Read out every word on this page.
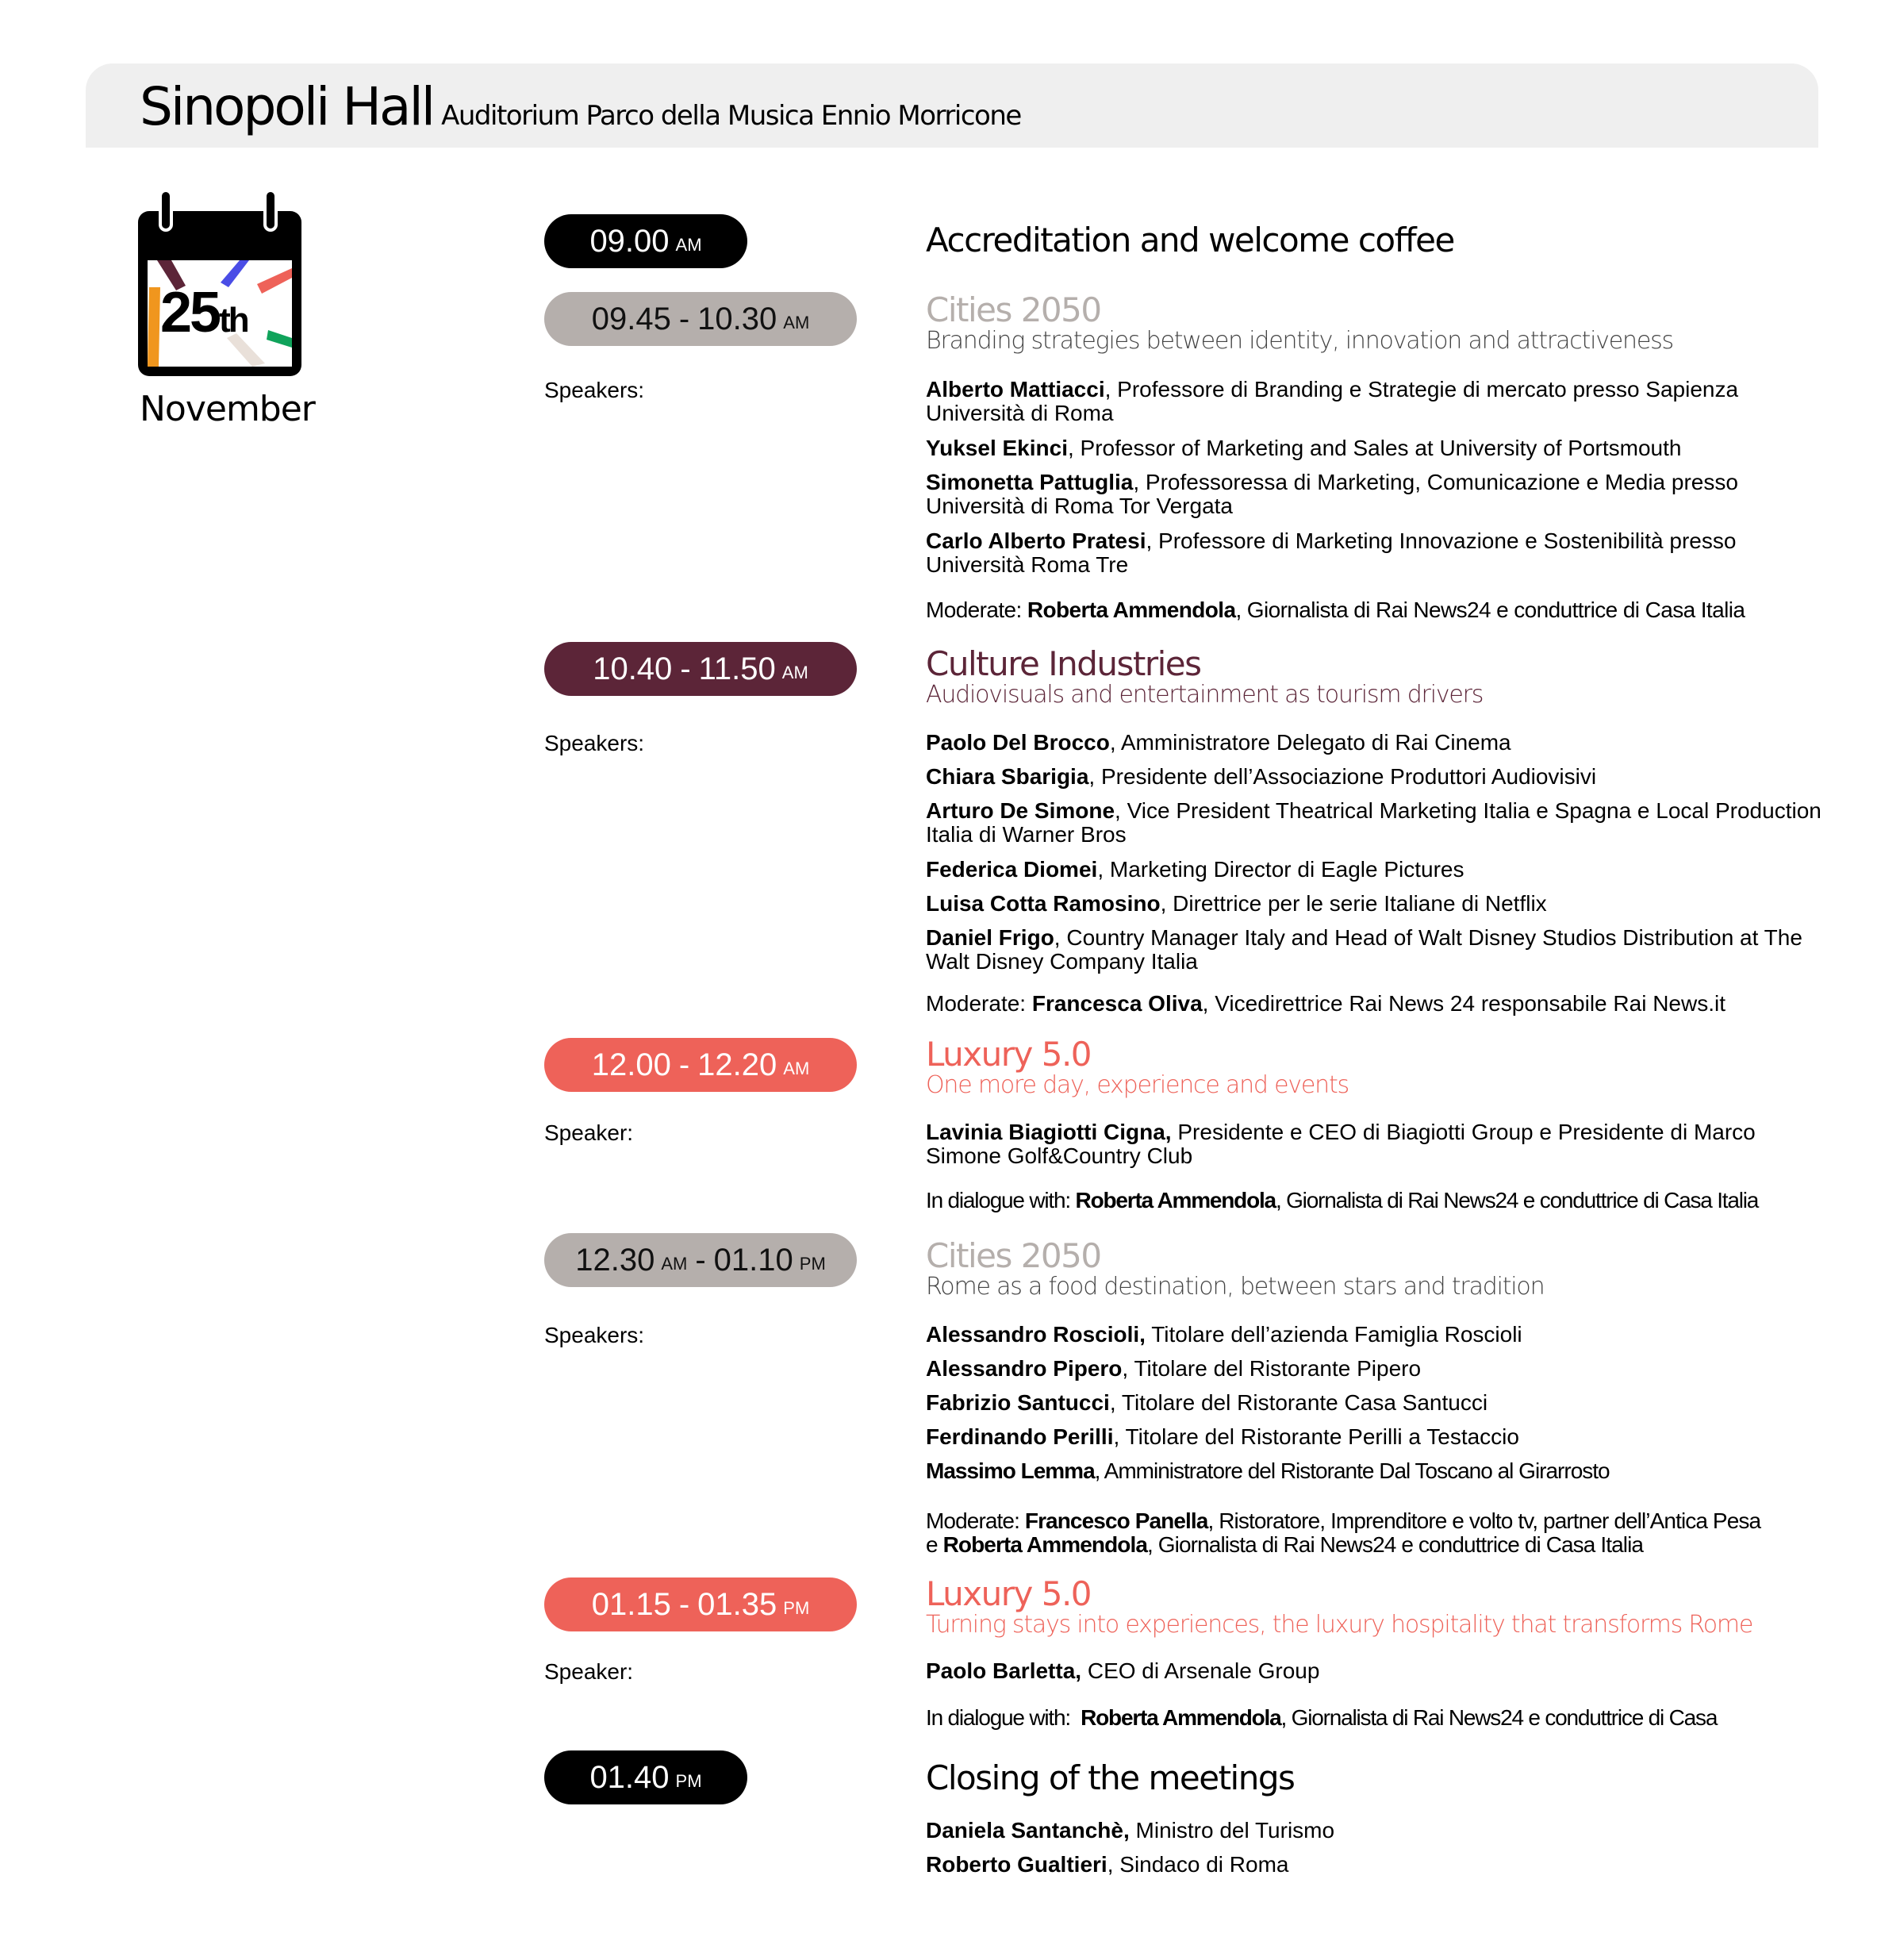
Sinopoli Hall Auditorium Parco della Musica Ennio Morricone
25th
November
09.00 AM	Accreditation and welcome coffee
09.45 - 10.30 AM	Cities 2050
Branding strategies between identity, innovation and attractiveness
Speakers:	Alberto Mattiacci, Professore di Branding e Strategie di mercato presso Sapienza Università di Roma
Yuksel Ekinci, Professor of Marketing and Sales at University of Portsmouth
Simonetta Pattuglia, Professoressa di Marketing, Comunicazione e Media presso Università di Roma Tor Vergata
Carlo Alberto Pratesi, Professore di Marketing Innovazione e Sostenibilità presso Università Roma Tre
Moderate: Roberta Ammendola, Giornalista di Rai News24 e conduttrice di Casa Italia
10.40 - 11.50 AM	Culture Industries
Audiovisuals and entertainment as tourism drivers
Speakers:	Paolo Del Brocco, Amministratore Delegato di Rai Cinema
Chiara Sbarigia, Presidente dell’Associazione Produttori Audiovisivi
Arturo De Simone, Vice President Theatrical Marketing Italia e Spagna e Local Production Italia di Warner Bros
Federica Diomei, Marketing Director di Eagle Pictures
Luisa Cotta Ramosino, Direttrice per le serie Italiane di Netflix
Daniel Frigo, Country Manager Italy and Head of Walt Disney Studios Distribution at The Walt Disney Company Italia
Moderate: Francesca Oliva, Vicedirettrice Rai News 24 responsabile Rai News.it
12.00 - 12.20 AM	Luxury 5.0
One more day, experience and events
Speaker:	Lavinia Biagiotti Cigna, Presidente e CEO di Biagiotti Group e Presidente di Marco Simone Golf&Country Club
In dialogue with: Roberta Ammendola, Giornalista di Rai News24 e conduttrice di Casa Italia
12.30 AM - 01.10 PM	Cities 2050
Rome as a food destination, between stars and tradition
Speakers:	Alessandro Roscioli, Titolare dell’azienda Famiglia Roscioli
Alessandro Pipero, Titolare del Ristorante Pipero
Fabrizio Santucci, Titolare del Ristorante Casa Santucci
Ferdinando Perilli, Titolare del Ristorante Perilli a Testaccio
Massimo Lemma, Amministratore del Ristorante Dal Toscano al Girarrosto
Moderate: Francesco Panella, Ristoratore, Imprenditore e volto tv, partner dell’Antica Pesa
e Roberta Ammendola, Giornalista di Rai News24 e conduttrice di Casa Italia
01.15 - 01.35 PM	Luxury 5.0
Turning stays into experiences, the luxury hospitality that transforms Rome
Speaker:	Paolo Barletta, CEO di Arsenale Group
In dialogue with:  Roberta Ammendola, Giornalista di Rai News24 e conduttrice di Casa
01.40 PM	Closing of the meetings
Daniela Santanchè, Ministro del Turismo
Roberto Gualtieri, Sindaco di Roma
